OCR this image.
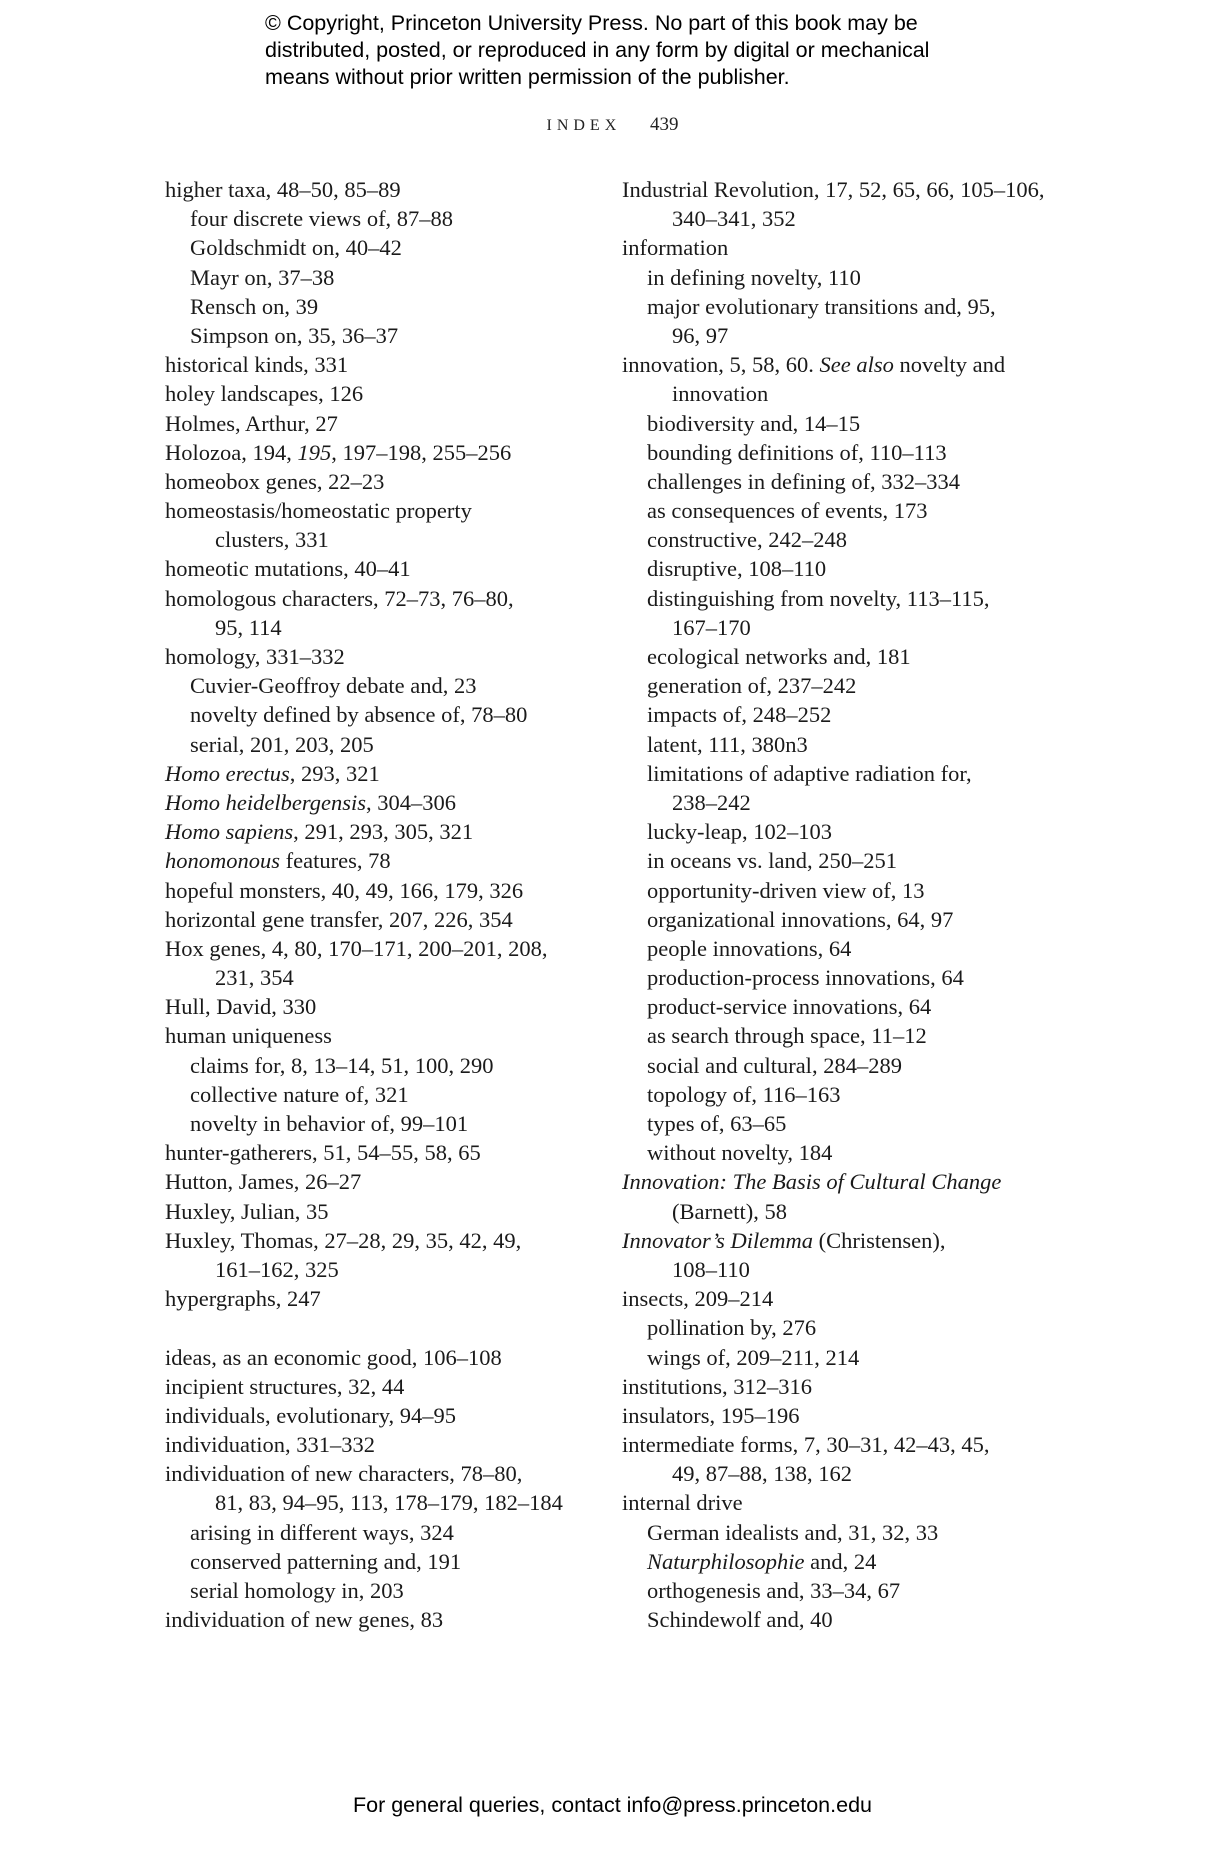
© Copyright, Princeton University Press. No part of this book may be
distributed, posted, or reproduced in any form by digital or mechanical
means without prior written permission of the publisher.
INDEX 439
higher taxa, 48–50, 85–89
four discrete views of, 87–88
Goldschmidt on, 40–42
Mayr on, 37–38
Rensch on, 39
Simpson on, 35, 36–37
historical kinds, 331
holey landscapes, 126
Holmes, Arthur, 27
Holozoa, 194, 195, 197–198, 255–256
homeobox genes, 22–23
homeostasis/homeostatic property
clusters, 331
homeotic mutations, 40–41
homologous characters, 72–73, 76–80,
95, 114
homology, 331–332
Cuvier-Geoffroy debate and, 23
novelty defined by absence of, 78–80
serial, 201, 203, 205
Homo erectus, 293, 321
Homo heidelbergensis, 304–306
Homo sapiens, 291, 293, 305, 321
honomonous features, 78
hopeful monsters, 40, 49, 166, 179, 326
horizontal gene transfer, 207, 226, 354
Hox genes, 4, 80, 170–171, 200–201, 208,
231, 354
Hull, David, 330
human uniqueness
claims for, 8, 13–14, 51, 100, 290
collective nature of, 321
novelty in behavior of, 99–101
hunter-gatherers, 51, 54–55, 58, 65
Hutton, James, 26–27
Huxley, Julian, 35
Huxley, Thomas, 27–28, 29, 35, 42, 49,
161–162, 325
hypergraphs, 247
ideas, as an economic good, 106–108
incipient structures, 32, 44
individuals, evolutionary, 94–95
individuation, 331–332
individuation of new characters, 78–80,
81, 83, 94–95, 113, 178–179, 182–184
arising in different ways, 324
conserved patterning and, 191
serial homology in, 203
individuation of new genes, 83
Industrial Revolution, 17, 52, 65, 66, 105–106,
340–341, 352
information
in defining novelty, 110
major evolutionary transitions and, 95,
96, 97
innovation, 5, 58, 60. See also novelty and
innovation
biodiversity and, 14–15
bounding definitions of, 110–113
challenges in defining of, 332–334
as consequences of events, 173
constructive, 242–248
disruptive, 108–110
distinguishing from novelty, 113–115,
167–170
ecological networks and, 181
generation of, 237–242
impacts of, 248–252
latent, 111, 380n3
limitations of adaptive radiation for,
238–242
lucky-leap, 102–103
in oceans vs. land, 250–251
opportunity-driven view of, 13
organizational innovations, 64, 97
people innovations, 64
production-process innovations, 64
product-service innovations, 64
as search through space, 11–12
social and cultural, 284–289
topology of, 116–163
types of, 63–65
without novelty, 184
Innovation: The Basis of Cultural Change
(Barnett), 58
Innovator’s Dilemma (Christensen),
108–110
insects, 209–214
pollination by, 276
wings of, 209–211, 214
institutions, 312–316
insulators, 195–196
intermediate forms, 7, 30–31, 42–43, 45,
49, 87–88, 138, 162
internal drive
German idealists and, 31, 32, 33
Naturphilosophie and, 24
orthogenesis and, 33–34, 67
Schindewolf and, 40
For general queries, contact info@press.princeton.edu
